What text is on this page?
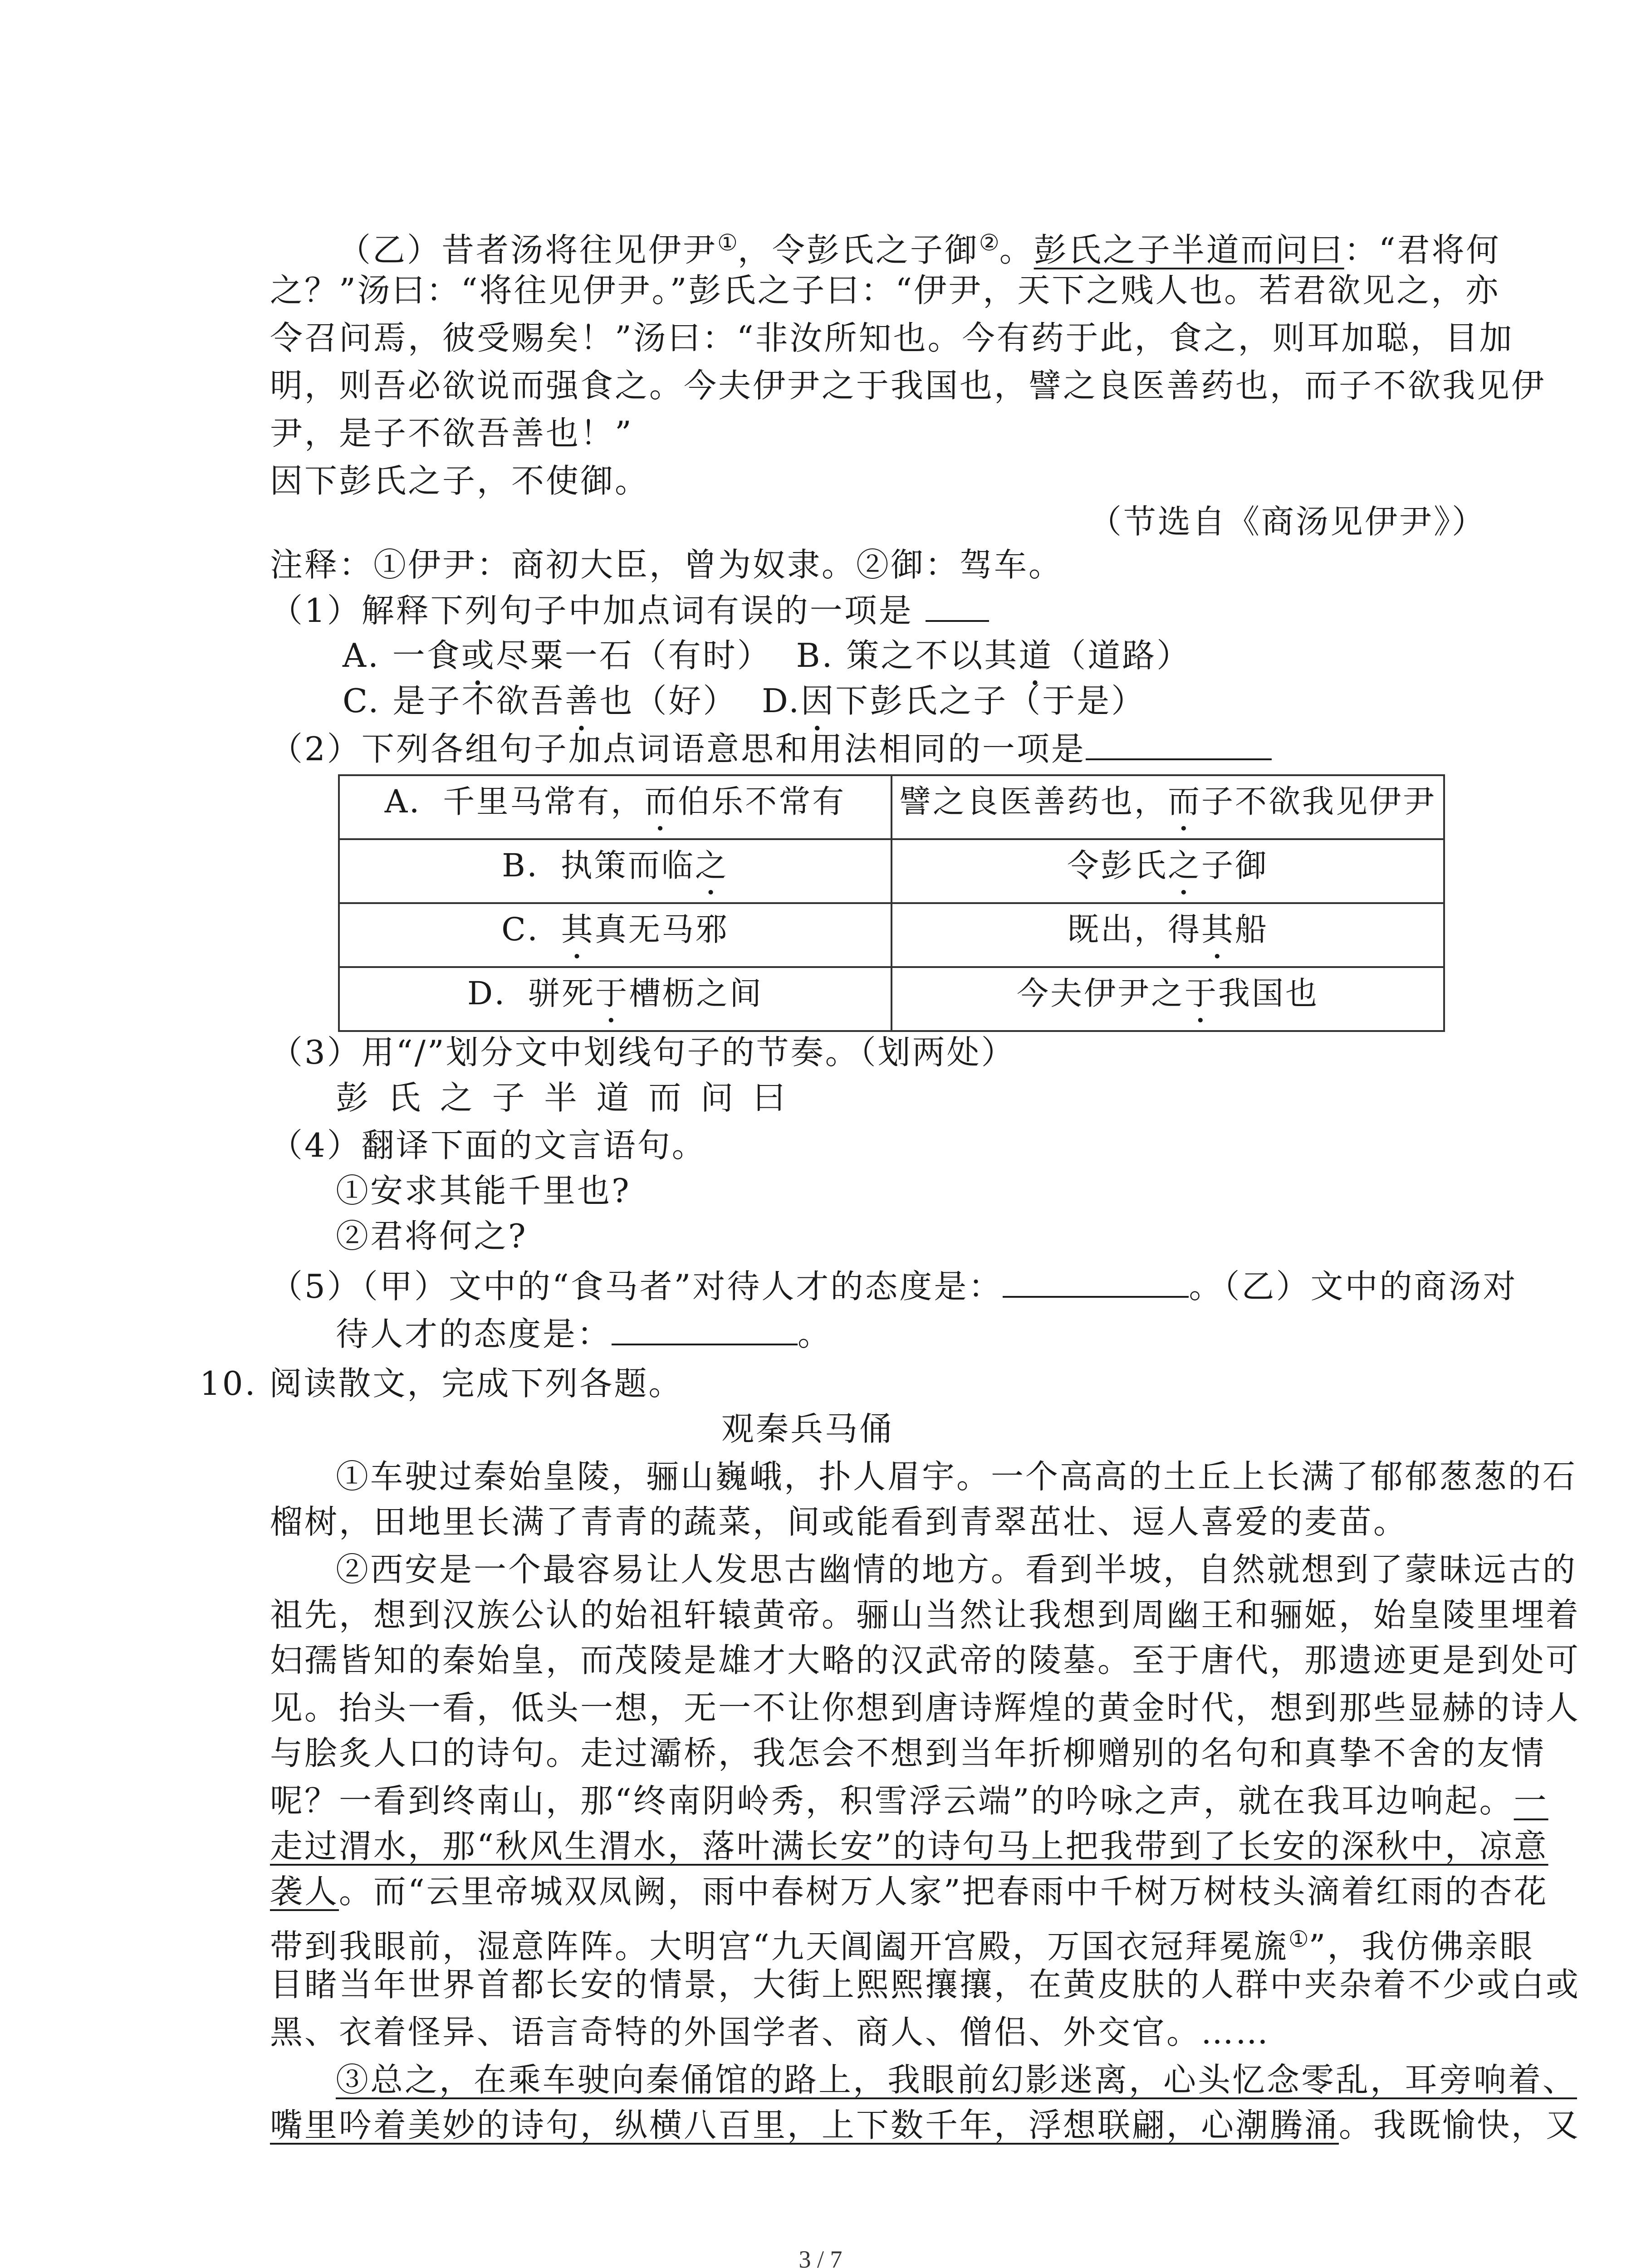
（乙）昔者汤将往见伊尹①，令彭氏之子御②。彭氏之子半道而问曰：“君将何
之？”汤曰：“将往见伊尹。”彭氏之子曰：“伊尹，天下之贱人也。若君欲见之，亦
令召问焉，彼受赐矣！”汤曰：“非汝所知也。今有药于此，食之，则耳加聪，目加
明，则吾必欲说而强食之。今夫伊尹之于我国也，譬之良医善药也，而子不欲我见伊
尹，是子不欲吾善也！”
因下彭氏之子，不使御。
（节选自《商汤见伊尹》）
注释：①伊尹：商初大臣，曾为奴隶。②御：驾车。
（1）解释下列句子中加点词有误的一项是
A. 一食或尽粟一石（有时） B. 策之不以其道（道路）
C. 是子不欲吾善也（好） D.因下彭氏之子（于是）
（2）下列各组句子加点词语意思和用法相同的一项是
A．千里马常有，而伯乐不常有	譬之良医善药也，而子不欲我见伊尹
B．执策而临之	令彭氏之子御
C．其真无马邪	既出，得其船
D．骈死于槽枥之间	今夫伊尹之于我国也
（3）用“/”划分文中划线句子的节奏。（划两处）
彭 氏 之 子 半 道 而 问 曰
（4）翻译下面的文言语句。
①安求其能千里也?
②君将何之?
（5）（甲）文中的“食马者”对待人才的态度是：	。（乙）文中的商汤对
待人才的态度是：	。
10. 阅读散文，完成下列各题。
观秦兵马俑
①车驶过秦始皇陵，骊山巍峨，扑人眉宇。一个高高的土丘上长满了郁郁葱葱的石
榴树，田地里长满了青青的蔬菜，间或能看到青翠茁壮、逗人喜爱的麦苗。
②西安是一个最容易让人发思古幽情的地方。看到半坡，自然就想到了蒙昧远古的
祖先，想到汉族公认的始祖轩辕黄帝。骊山当然让我想到周幽王和骊姬，始皇陵里埋着
妇孺皆知的秦始皇，而茂陵是雄才大略的汉武帝的陵墓。至于唐代，那遗迹更是到处可
见。抬头一看，低头一想，无一不让你想到唐诗辉煌的黄金时代，想到那些显赫的诗人
与脍炙人口的诗句。走过灞桥，我怎会不想到当年折柳赠别的名句和真挚不舍的友情
呢？一看到终南山，那“终南阴岭秀，积雪浮云端”的吟咏之声，就在我耳边响起。一
走过渭水，那“秋风生渭水，落叶满长安”的诗句马上把我带到了长安的深秋中，凉意
袭人。而“云里帝城双凤阙，雨中春树万人家”把春雨中千树万树枝头滴着红雨的杏花
带到我眼前，湿意阵阵。大明宫“九天阊阖开宫殿，万国衣冠拜冕旒①”，我仿佛亲眼
目睹当年世界首都长安的情景，大街上熙熙攘攘，在黄皮肤的人群中夹杂着不少或白或
黑、衣着怪异、语言奇特的外国学者、商人、僧侣、外交官。……
③总之，在乘车驶向秦俑馆的路上，我眼前幻影迷离，心头忆念零乱，耳旁响着、
嘴里吟着美妙的诗句，纵横八百里，上下数千年，浮想联翩，心潮腾涌。我既愉快，又
3 / 7
